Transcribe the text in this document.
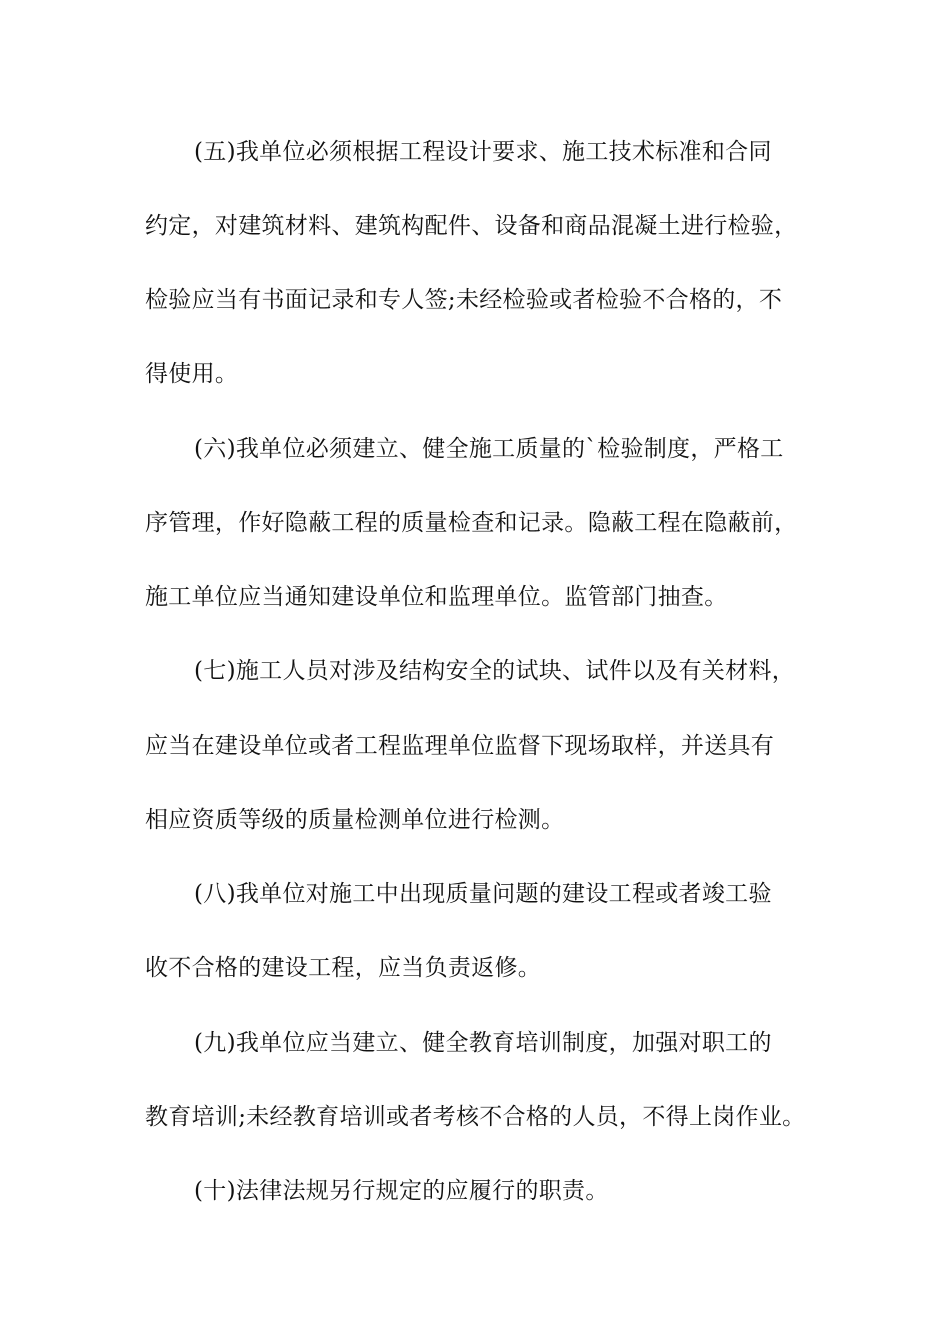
(五)我单位必须根据工程设计要求、施工技术标准和合同
约定，对建筑材料、建筑构配件、设备和商品混凝土进行检验，
检验应当有书面记录和专人签;未经检验或者检验不合格的，不
得使用。
(六)我单位必须建立、健全施工质量的`检验制度，严格工
序管理，作好隐蔽工程的质量检查和记录。隐蔽工程在隐蔽前，
施工单位应当通知建设单位和监理单位。监管部门抽查。
(七)施工人员对涉及结构安全的试块、试件以及有关材料，
应当在建设单位或者工程监理单位监督下现场取样，并送具有
相应资质等级的质量检测单位进行检测。
(八)我单位对施工中出现质量问题的建设工程或者竣工验
收不合格的建设工程，应当负责返修。
(九)我单位应当建立、健全教育培训制度，加强对职工的
教育培训;未经教育培训或者考核不合格的人员，不得上岗作业。
(十)法律法规另行规定的应履行的职责。
